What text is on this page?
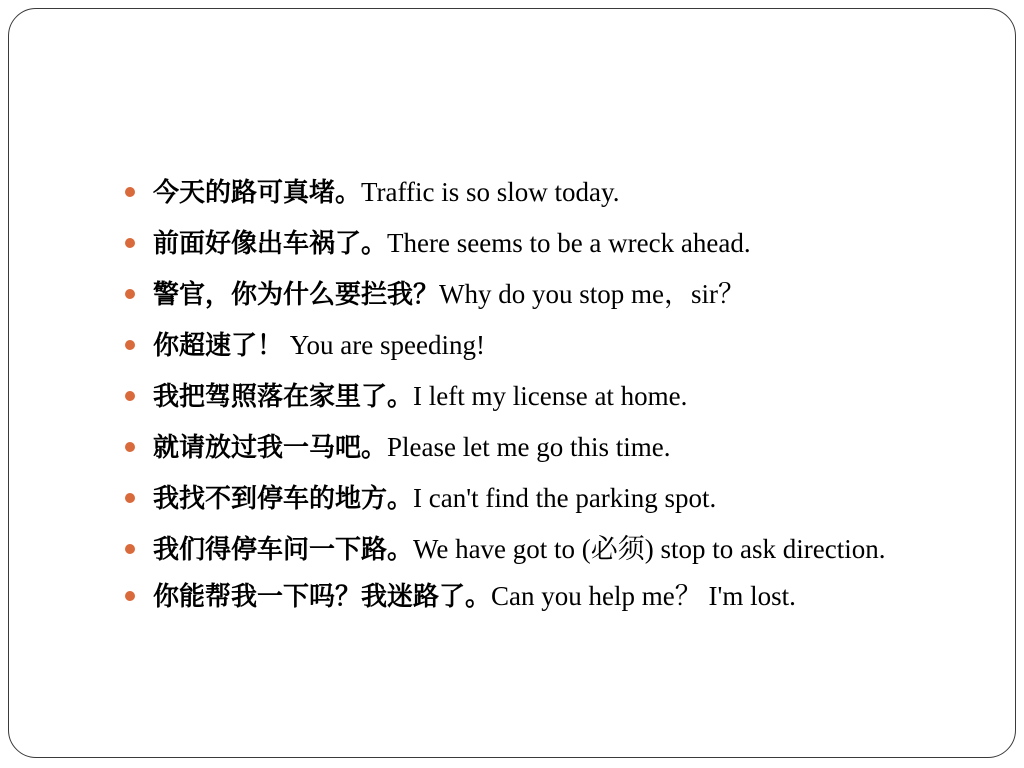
今天的路可真堵。Traffic is so slow today.
前面好像出车祸了。There seems to be a wreck ahead.
警官，你为什么要拦我？Why do you stop me，sir？
你超速了！ You are speeding!
我把驾照落在家里了。I left my license at home.
就请放过我一马吧。Please let me go this time.
我找不到停车的地方。I can't find the parking spot.
我们得停车问一下路。We have got to (必须) stop to ask direction.
你能帮我一下吗？我迷路了。Can you help me？ I'm lost.
